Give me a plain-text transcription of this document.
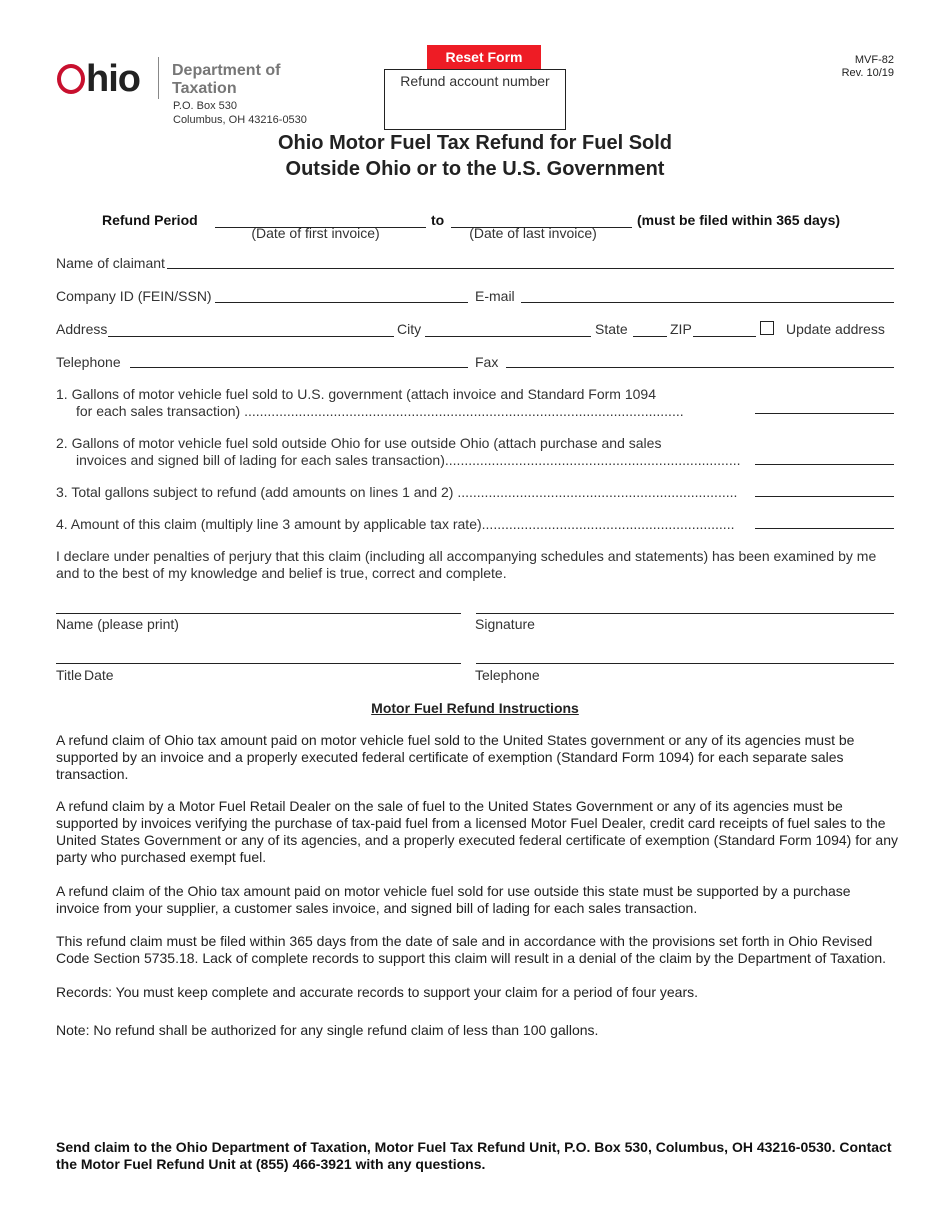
hio Department of
Taxation
P.O. Box 530
Columbus, OH 43216-0530
Reset Form
Refund account number
MVF-82
Rev. 10/19
Ohio Motor Fuel Tax Refund for Fuel Sold
Outside Ohio or to the U.S. Government
Refund Period	to	(must be filed within 365 days)
(Date of first invoice)	(Date of last invoice)
Name of claimant
Company ID (FEIN/SSN)	E-mail
Address	City	State	ZIP	Update address
Telephone	Fax
1. Gallons of motor vehicle fuel sold to U.S. government (attach invoice and Standard Form 1094
for each sales transaction) .................................................................................................................
2. Gallons of motor vehicle fuel sold outside Ohio for use outside Ohio (attach purchase and sales
invoices and signed bill of lading for each sales transaction)............................................................................
3. Total gallons subject to refund (add amounts on lines 1 and 2) ........................................................................
4. Amount of this claim (multiply line 3 amount by applicable tax rate).................................................................
I declare under penalties of perjury that this claim (including all accompanying schedules and statements) has been examined by me and to the best of my knowledge and belief is true, correct and complete.
Name (please print)	Signature
Title Date	Telephone
Motor Fuel Refund Instructions
A refund claim of Ohio tax amount paid on motor vehicle fuel sold to the United States government or any of its agencies must be supported by an invoice and a properly executed federal certificate of exemption (Standard Form 1094) for each separate sales transaction.
A refund claim by a Motor Fuel Retail Dealer on the sale of fuel to the United States Government or any of its agencies must be supported by invoices verifying the purchase of tax-paid fuel from a licensed Motor Fuel Dealer, credit card receipts of fuel sales to the United States Government or any of its agencies, and a properly executed federal certificate of exemption (Standard Form 1094) for any party who purchased exempt fuel.
A refund claim of the Ohio tax amount paid on motor vehicle fuel sold for use outside this state must be supported by a purchase invoice from your supplier, a customer sales invoice, and signed bill of lading for each sales transaction.
This refund claim must be filed within 365 days from the date of sale and in accordance with the provisions set forth in Ohio Revised Code Section 5735.18. Lack of complete records to support this claim will result in a denial of the claim by the Department of Taxation.
Records: You must keep complete and accurate records to support your claim for a period of four years.
Note: No refund shall be authorized for any single refund claim of less than 100 gallons.
Send claim to the Ohio Department of Taxation, Motor Fuel Tax Refund Unit, P.O. Box 530, Columbus, OH 43216-0530. Contact the Motor Fuel Refund Unit at (855) 466-3921 with any questions.
